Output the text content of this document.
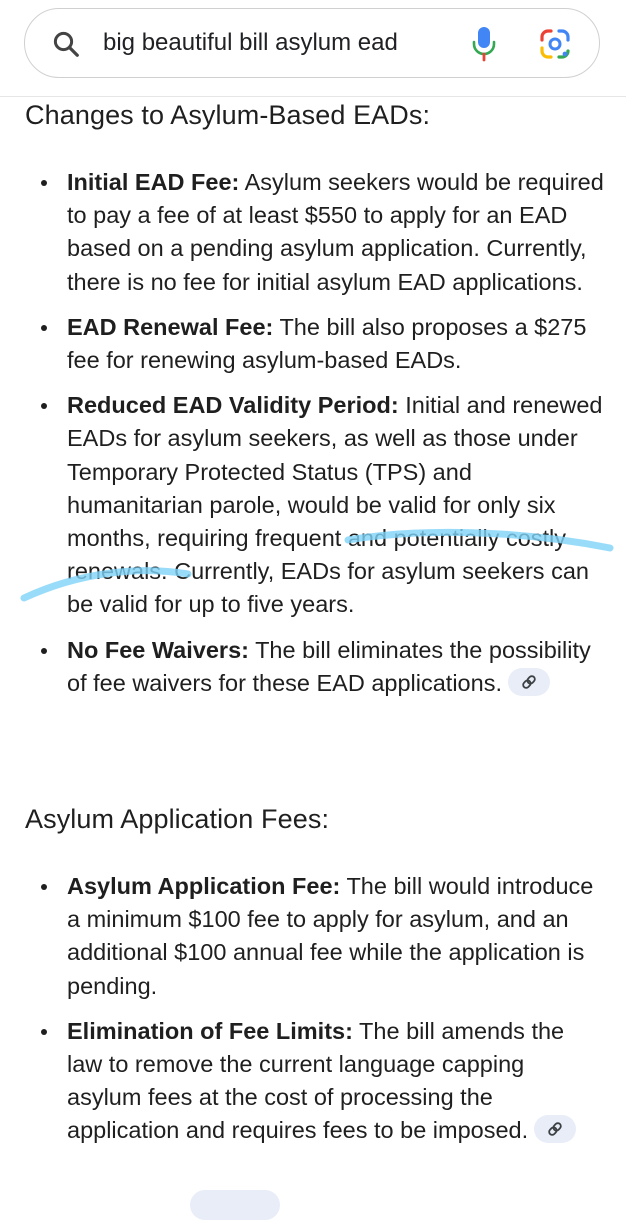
big beautiful bill asylum ead
Changes to Asylum-Based EADs:
Initial EAD Fee: Asylum seekers would be required to pay a fee of at least $550 to apply for an EAD based on a pending asylum application. Currently, there is no fee for initial asylum EAD applications.
EAD Renewal Fee: The bill also proposes a $275 fee for renewing asylum-based EADs.
Reduced EAD Validity Period: Initial and renewed EADs for asylum seekers, as well as those under Temporary Protected Status (TPS) and humanitarian parole, would be valid for only six months, requiring frequent and potentially costly renewals. Currently, EADs for asylum seekers can be valid for up to five years.
No Fee Waivers: The bill eliminates the possibility of fee waivers for these EAD applications.
Asylum Application Fees:
Asylum Application Fee: The bill would introduce a minimum $100 fee to apply for asylum, and an additional $100 annual fee while the application is pending.
Elimination of Fee Limits: The bill amends the law to remove the current language capping asylum fees at the cost of processing the application and requires fees to be imposed.
